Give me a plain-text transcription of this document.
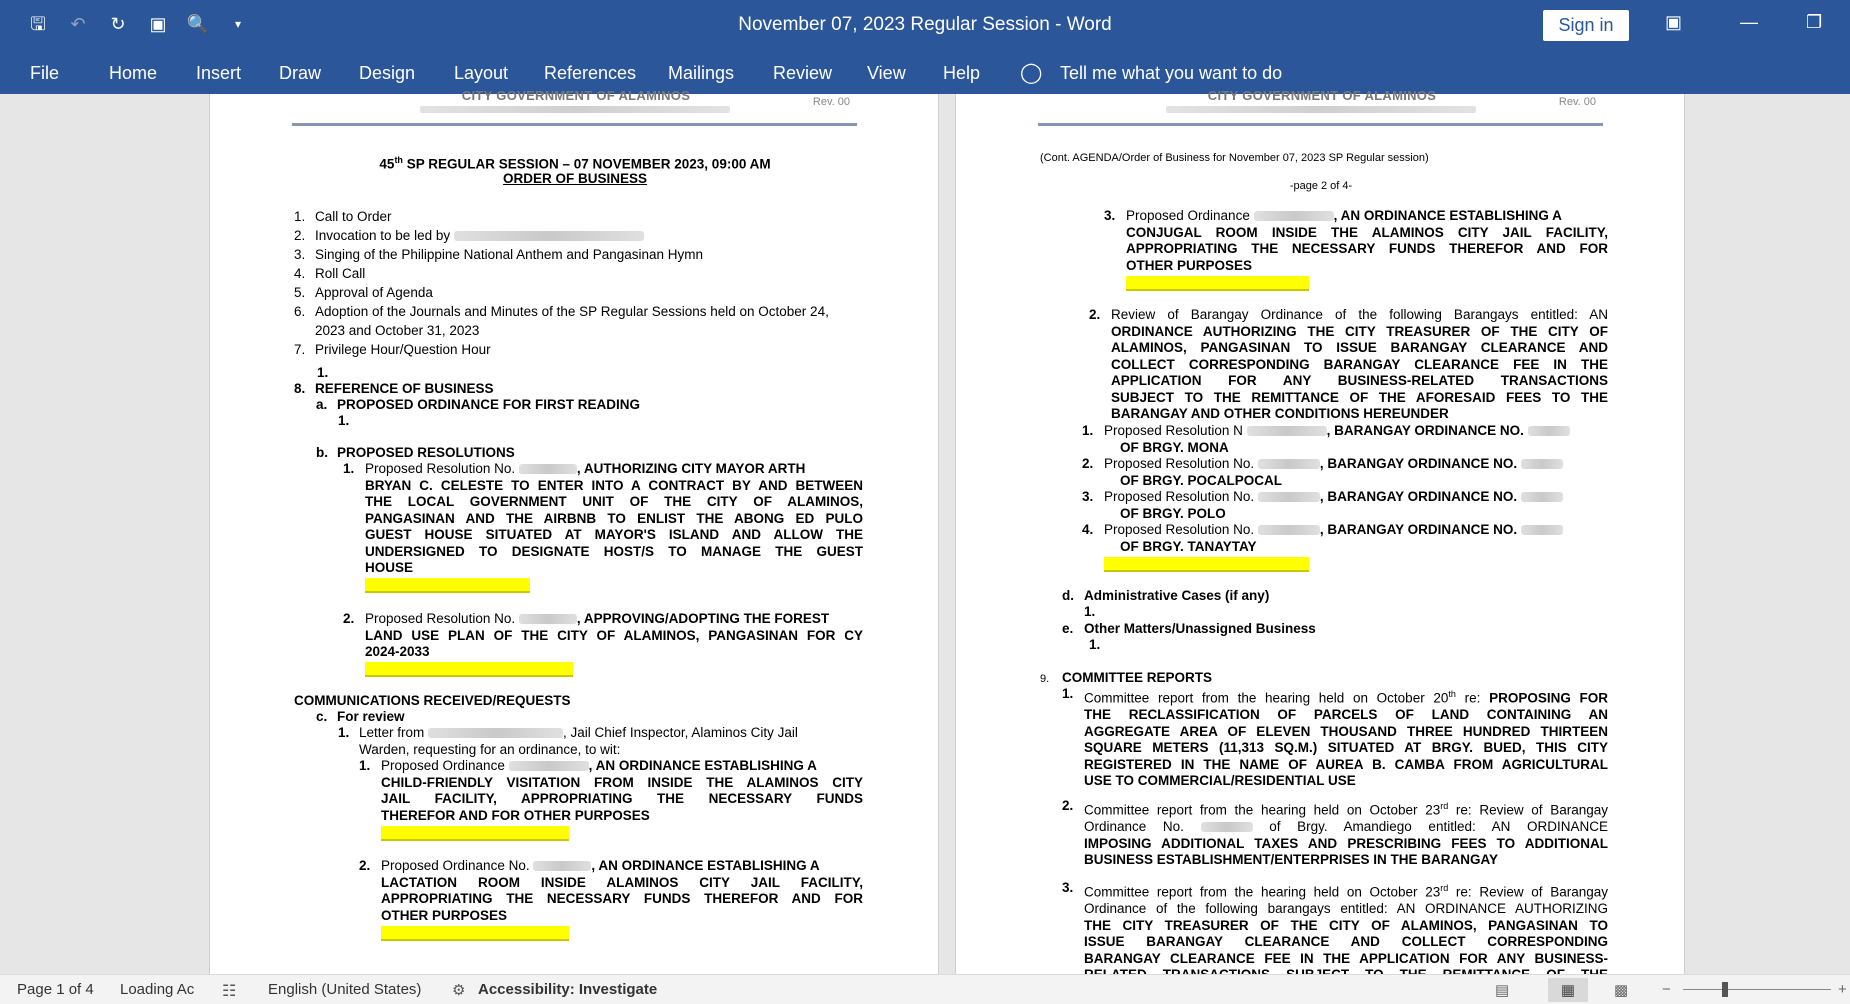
🖫 ↶ ↻ ▣ 🔍	▾	November 07, 2023 Regular Session - Word	Sign in	▣	—	❐
File	Home Insert Draw Design Layout References Mailings Review View Help ◯ Tell me what you want to do
CITY GOVERNMENT OF ALAMINOS	Rev. 00
45th SP REGULAR SESSION – 07 NOVEMBER 2023, 09:00 AM
ORDER OF BUSINESS
1. Call to Order
2. Invocation to be led by
3. Singing of the Philippine National Anthem and Pangasinan Hymn
4. Roll Call
5. Approval of Agenda
6. Adoption of the Journals and Minutes of the SP Regular Sessions held on October 24,
2023 and October 31, 2023
7. Privilege Hour/Question Hour
1.
8. REFERENCE OF BUSINESS
a. PROPOSED ORDINANCE FOR FIRST READING
1.
b. PROPOSED RESOLUTIONS
1. Proposed Resolution No.	, AUTHORIZING CITY MAYOR ARTH
BRYAN C. CELESTE TO ENTER INTO A CONTRACT BY AND BETWEEN
THE LOCAL GOVERNMENT UNIT OF THE CITY OF ALAMINOS,
PANGASINAN AND THE AIRBNB TO ENLIST THE ABONG ED PULO
GUEST HOUSE SITUATED AT MAYOR'S ISLAND AND ALLOW THE
UNDERSIGNED TO DESIGNATE HOST/S TO MANAGE THE GUEST
HOUSE
2. Proposed Resolution No.	, APPROVING/ADOPTING THE FOREST
LAND USE PLAN OF THE CITY OF ALAMINOS, PANGASINAN FOR CY
2024-2033
COMMUNICATIONS RECEIVED/REQUESTS
c. For review
1. Letter from	, Jail Chief Inspector, Alaminos City Jail
Warden, requesting for an ordinance, to wit:
1. Proposed Ordinance	, AN ORDINANCE ESTABLISHING A
CHILD-FRIENDLY VISITATION FROM INSIDE THE ALAMINOS CITY
JAIL FACILITY, APPROPRIATING THE NECESSARY FUNDS
THEREFOR AND FOR OTHER PURPOSES
2. Proposed Ordinance No.	, AN ORDINANCE ESTABLISHING A
LACTATION ROOM INSIDE ALAMINOS CITY JAIL FACILITY,
APPROPRIATING THE NECESSARY FUNDS THEREFOR AND FOR
OTHER PURPOSES
CITY GOVERNMENT OF ALAMINOS	Rev. 00
(Cont. AGENDA/Order of Business for November 07, 2023 SP Regular session)
-page 2 of 4-
3. Proposed Ordinance	, AN ORDINANCE ESTABLISHING A
CONJUGAL ROOM INSIDE THE ALAMINOS CITY JAIL FACILITY,
APPROPRIATING THE NECESSARY FUNDS THEREFOR AND FOR
OTHER PURPOSES
2. Review of Barangay Ordinance of the following Barangays entitled: AN
ORDINANCE AUTHORIZING THE CITY TREASURER OF THE CITY OF
ALAMINOS, PANGASINAN TO ISSUE BARANGAY CLEARANCE AND
COLLECT CORRESPONDING BARANGAY CLEARANCE FEE IN THE
APPLICATION FOR ANY BUSINESS-RELATED TRANSACTIONS
SUBJECT TO THE REMITTANCE OF THE AFORESAID FEES TO THE
BARANGAY AND OTHER CONDITIONS HEREUNDER
1. Proposed Resolution N	, BARANGAY ORDINANCE NO.
OF BRGY. MONA
2. Proposed Resolution No.	, BARANGAY ORDINANCE NO.
OF BRGY. POCALPOCAL
3. Proposed Resolution No.	, BARANGAY ORDINANCE NO.
OF BRGY. POLO
4. Proposed Resolution No.	, BARANGAY ORDINANCE NO.
OF BRGY. TANAYTAY
d. Administrative Cases (if any)
1.
e. Other Matters/Unassigned Business
1.
9. COMMITTEE REPORTS
1. Committee report from the hearing held on October 20th re: PROPOSING FOR
THE RECLASSIFICATION OF PARCELS OF LAND CONTAINING AN
AGGREGATE AREA OF ELEVEN THOUSAND THREE HUNDRED THIRTEEN
SQUARE METERS (11,313 SQ.M.) SITUATED AT BRGY. BUED, THIS CITY
REGISTERED IN THE NAME OF AUREA B. CAMBA FROM AGRICULTURAL
USE TO COMMERCIAL/RESIDENTIAL USE
2. Committee report from the hearing held on October 23rd re: Review of Barangay
Ordinance No.	of Brgy. Amandiego entitled: AN ORDINANCE
IMPOSING ADDITIONAL TAXES AND PRESCRIBING FEES TO ADDITIONAL
BUSINESS ESTABLISHMENT/ENTERPRISES IN THE BARANGAY
3. Committee report from the hearing held on October 23rd re: Review of Barangay
Ordinance of the following barangays entitled: AN ORDINANCE AUTHORIZING
THE CITY TREASURER OF THE CITY OF ALAMINOS, PANGASINAN TO
ISSUE BARANGAY CLEARANCE AND COLLECT CORRESPONDING
BARANGAY CLEARANCE FEE IN THE APPLICATION FOR ANY BUSINESS-
Page 1 of 4 Loading Ac ☷ English (United States) ⚙ Accessibility: Investigate	▤	▦	▩ −	+
